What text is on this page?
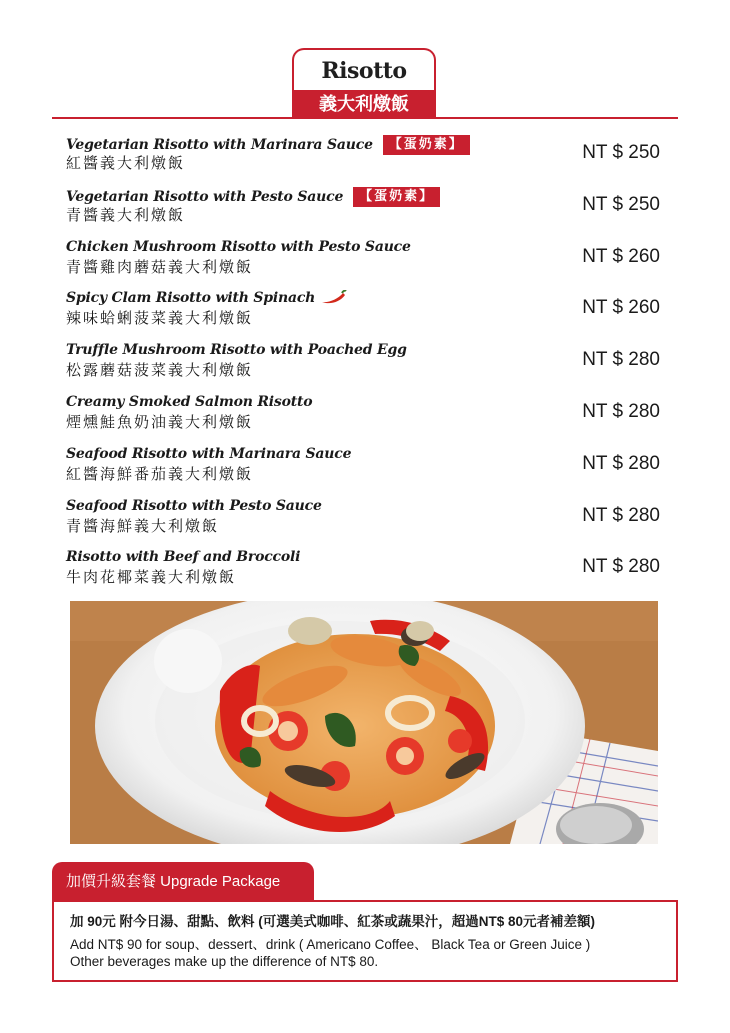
Risotto
義大利燉飯
Vegetarian Risotto with Marinara Sauce 【蛋奶素】
紅醬義大利燉飯	NT $ 250
Vegetarian Risotto with Pesto Sauce 【蛋奶素】
青醬義大利燉飯	NT $ 250
Chicken Mushroom Risotto with Pesto Sauce
青醬雞肉蘑菇義大利燉飯	NT $ 260
Spicy Clam Risotto with Spinach
辣味蛤蜊菠菜義大利燉飯	NT $ 260
Truffle Mushroom Risotto with Poached Egg
松露蘑菇菠菜義大利燉飯	NT $ 280
Creamy Smoked Salmon Risotto
煙燻鮭魚奶油義大利燉飯	NT $ 280
Seafood Risotto with Marinara Sauce
紅醬海鮮番茄義大利燉飯	NT $ 280
Seafood Risotto with Pesto Sauce
青醬海鮮義大利燉飯	NT $ 280
Risotto with Beef and Broccoli
牛肉花椰菜義大利燉飯	NT $ 280
加價升級套餐 Upgrade Package
加 90元 附今日湯、甜點、飲料 (可選美式咖啡、紅茶或蔬果汁，超過NT$ 80元者補差額)
Add NT$ 90 for soup、dessert、drink ( Americano Coffee、 Black Tea or Green Juice )
Other beverages make up the difference of NT$ 80.
